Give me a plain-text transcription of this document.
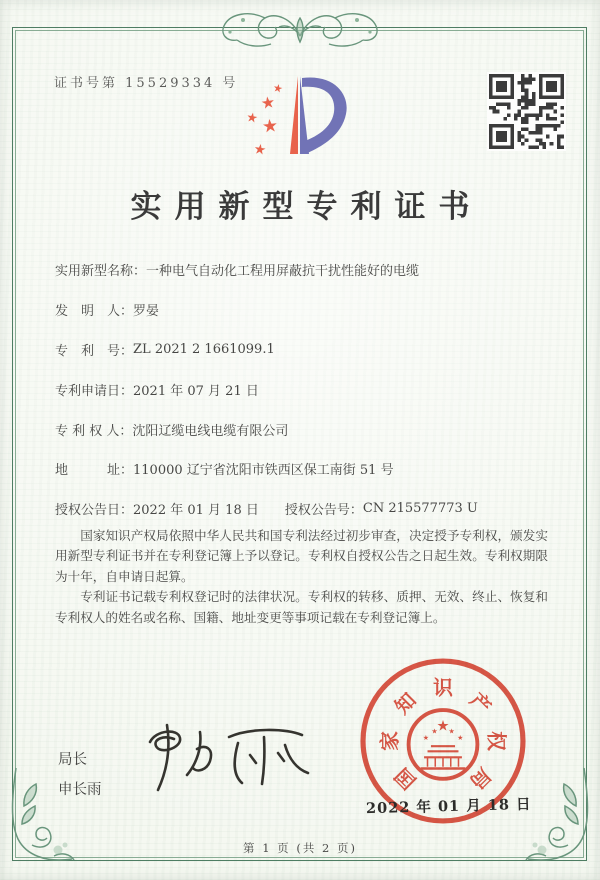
证书号第 15529334 号	★
★
★ ★
★
实用新型专利证书
实用新型名称： 一种电气自动化工程用屏蔽抗干扰性能好的电缆
发　明　人： 罗晏
专　利　号： ZL 2021 2 1661099.1
专利申请日： 2021 年 07 月 21 日
专 利 权 人： 沈阳辽缆电线电缆有限公司
地　　　址： 110000 辽宁省沈阳市铁西区保工南街 51 号
授权公告日： 2022 年 01 月 18 日 授权公告号： CN 215577773 U

国家知识产权局依照中华人民共和国专利法经过初步审查，决定授予专利权，颁发实用新型专利证书并在专利登记簿上予以登记。专利权自授权公告之日起生效。专利权期限为十年，自申请日起算。

专利证书记载专利权登记时的法律状况。专利权的转移、质押、无效、终止、恢复和专利权人的姓名或名称、国籍、地址变更等事项记载在专利登记簿上。

局长
申长雨	国
家
知
识
产
权
局
★
★
★ ★
★
2022 年 01 月 18 日
第 1 页 (共 2 页)
